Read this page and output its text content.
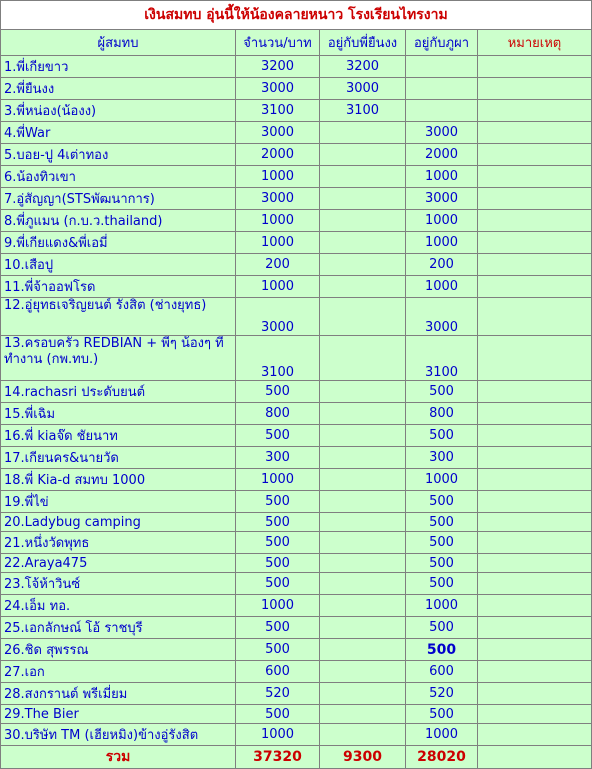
เงินสมทบ อุ่นนี้ให้น้องคลายหนาว โรงเรียนไทรงาม				
ผู้สมทบ	จำนวน/บาท	อยู่กับพี่ยืนงง	อยู่กับภูผา	หมายเหตุ
1.พี่เกียขาว	3200	3200		
2.พี่ยืนงง	3000	3000		
3.พี่หน่อง(น้องง)	3100	3100		
4.พี่War	3000		3000	
5.บอย-ปู 4เต่าทอง	2000		2000	
6.น้องทิวเขา	1000		1000	
7.อู่สัญญา(STSพัฒนาการ)	3000		3000	
8.พี่ภูแมน (ก.บ.ว.thailand)	1000		1000	
9.พี่เกียแดง&พี่เอมี่	1000		1000	
10.เสือปู	200		200	
11.พี่จ้าออฟโรด	1000		1000	
12.อู่ยุทธเจริญยนต์ รังสิต (ช่างยุทธ)	3000		3000	
13.ครอบครัว REDBIAN + พี่ๆ น้องๆ ที่ทำงาน (กพ.ทบ.)	3100		3100	
14.rachasri ประดับยนต์	500		500	
15.พี่เฉิม	800		800	
16.พี่ kiaจ๊ด ชัยนาท	500		500	
17.เกียนคร&นายวัด	300		300	
18.พี่ Kia-d สมทบ 1000	1000		1000	
19.พี่ไข่	500		500	
20.Ladybug camping	500		500	
21.หนึ่งวัดพุทธ	500		500	
22.Araya475	500		500	
23.โจ้ห้าวินซ์	500		500	
24.เอ็ม ทอ.	1000		1000	
25.เอกลักษณ์ โอ้ ราชบุรี	500		500	
26.ชิด สุพรรณ	500		500	
27.เอก	600		600	
28.สงกรานต์ พรีเมี่ยม	520		520	
29.The Bier	500		500	
30.บริษัท TM (เฮียหมิง)ข้างอู่รังสิต	1000		1000	
รวม	37320	9300	28020	
